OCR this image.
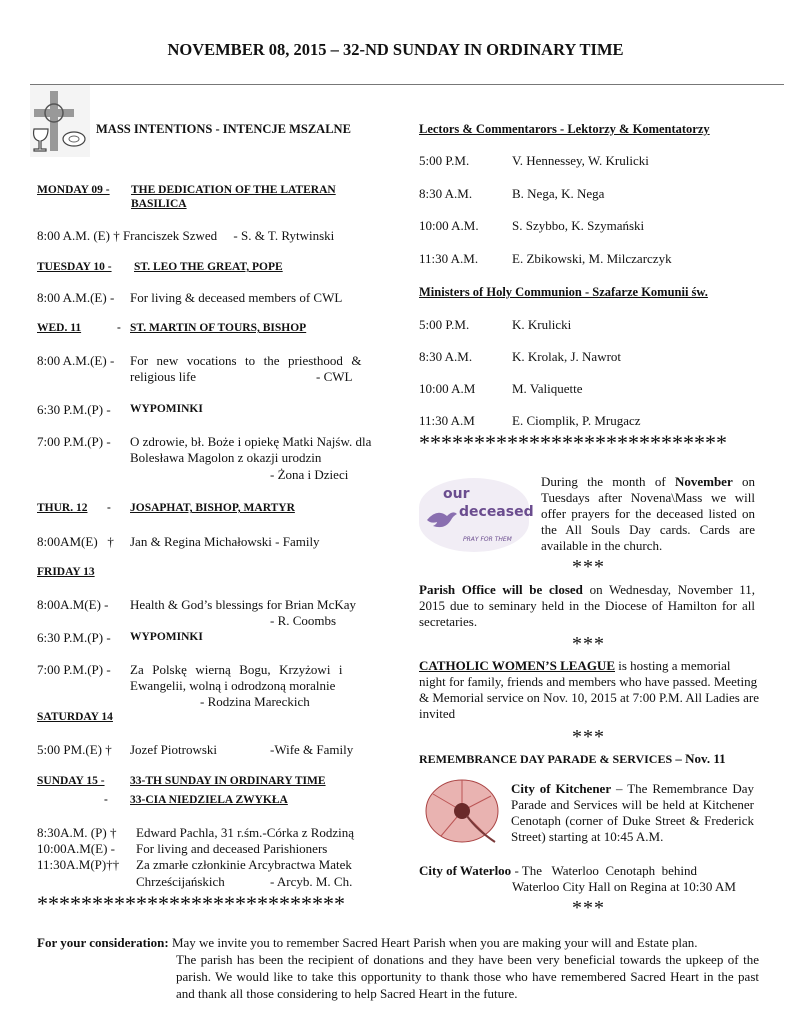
NOVEMBER 08, 2015 – 32-ND SUNDAY IN ORDINARY TIME
MASS INTENTIONS - INTENCJE MSZALNE
MONDAY 09 - THE DEDICATION OF THE LATERAN
BASILICA
8:00 A.M. (E) † Franciszek Szwed     - S. & T. Rytwinski
TUESDAY 10 - ST. LEO THE GREAT, POPE
8:00 A.M.(E) - For living & deceased members of CWL
WED. 11	- ST. MARTIN OF TOURS, BISHOP
8:00 A.M.(E) - For  new  vocations  to  the  priesthood  &
religious life	- CWL
6:30 P.M.(P) - WYPOMINKI
7:00 P.M.(P) - O zdrowie, bł. Boże i opiekę Matki Najśw. dla
Bolesława Magolon z okazji urodzin
- Żona i Dzieci
THUR. 12 - JOSAPHAT, BISHOP, MARTYR
8:00AM(E)   † Jan & Regina Michałowski - Family
FRIDAY 13
8:00A.M(E) - Health & God’s blessings for Brian McKay
- R. Coombs
6:30 P.M.(P) - WYPOMINKI
7:00 P.M.(P) - Za  Polskę  wierną  Bogu,  Krzyżowi  i
Ewangelii, wolną i odrodzoną moralnie
- Rodzina Mareckich
SATURDAY 14
5:00 PM.(E) † Jozef Piotrowski	-Wife & Family
SUNDAY 15 - 33-TH SUNDAY IN ORDINARY TIME
- 33-CIA NIEDZIELA ZWYKŁA
8:30A.M. (P) † Edward Pachla, 31 r.śm.-Córka z Rodziną
10:00A.M(E) - For living and deceased Parishioners
11:30A.M(P)†† Za zmarłe członkinie Arcybractwa Matek
Chrześcijańskich	- Arcyb. M. Ch.
****************************
Lectors & Commentarors - Lektorzy & Komentatorzy
5:00 P.M.	V. Hennessey, W. Krulicki
8:30 A.M.	B. Nega, K. Nega
10:00 A.M.	S. Szybbo, K. Szymański
11:30 A.M.	E. Zbikowski, M. Milczarczyk
Ministers of Holy Communion - Szafarze Komunii św.
5:00 P.M.	K. Krulicki
8:30 A.M.	K. Krolak, J. Nawrot
10:00 A.M	M. Valiquette
11:30 A.M	E. Ciomplik, P. Mrugacz
****************************
our
deceased
PRAY FOR THEM
During the month of November on Tuesdays after Novena\Mass we will offer prayers for the deceased listed on the All Souls Day cards. Cards are available in the church.
***
Parish Office will be closed on Wednesday, November 11, 2015 due to seminary held in the Diocese of Hamilton for all secretaries.
***
CATHOLIC WOMEN’S LEAGUE is hosting a memorial night for family, friends and members who have passed. Meeting & Memorial service on Nov. 10, 2015 at 7:00 P.M. All Ladies are invited
***
REMEMBRANCE DAY PARADE & SERVICES – Nov. 11
City of Kitchener – The Remembrance Day Parade and Services will be held at Kitchener Cenotaph (corner of Duke Street & Frederick Street) starting at 10:45 A.M.
City of Waterloo - The   Waterloo  Cenotaph  behind
Waterloo City Hall on Regina at 10:30 AM
***
For your consideration: May we invite you to remember Sacred Heart Parish when you are making your will and Estate plan.
The parish has been the recipient of donations and they have been very beneficial towards the upkeep of the parish. We would like to take this opportunity to thank those who have remembered Sacred Heart in the past and thank all those considering to help Sacred Heart in the future.
